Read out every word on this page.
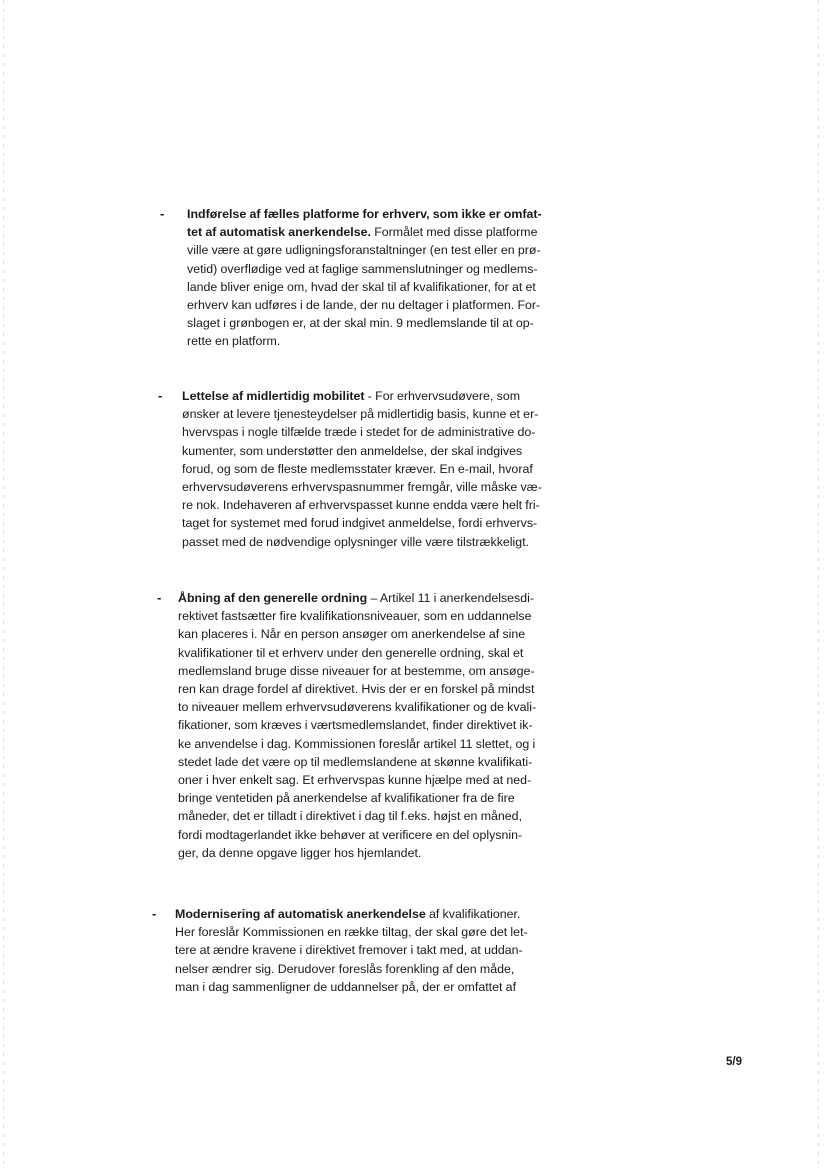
- Indførelse af fælles platforme for erhverv, som ikke er omfat-
tet af automatisk anerkendelse. Formålet med disse platforme
ville være at gøre udligningsforanstaltninger (en test eller en prø-
vetid) overflødige ved at faglige sammenslutninger og medlems-
lande bliver enige om, hvad der skal til af kvalifikationer, for at et
erhverv kan udføres i de lande, der nu deltager i platformen. For-
slaget i grønbogen er, at der skal min. 9 medlemslande til at op-
rette en platform.
- Lettelse af midlertidig mobilitet - For erhvervsudøvere, som
ønsker at levere tjenesteydelser på midlertidig basis, kunne et er-
hvervspas i nogle tilfælde træde i stedet for de administrative do-
kumenter, som understøtter den anmeldelse, der skal indgives
forud, og som de fleste medlemsstater kræver. En e-mail, hvoraf
erhvervsudøverens erhvervspasnummer fremgår, ville måske væ-
re nok. Indehaveren af erhvervspasset kunne endda være helt fri-
taget for systemet med forud indgivet anmeldelse, fordi erhvervs-
passet med de nødvendige oplysninger ville være tilstrækkeligt.
- Åbning af den generelle ordning – Artikel 11 i anerkendelsesdi-
rektivet fastsætter fire kvalifikationsniveauer, som en uddannelse
kan placeres i. Når en person ansøger om anerkendelse af sine
kvalifikationer til et erhverv under den generelle ordning, skal et
medlemsland bruge disse niveauer for at bestemme, om ansøge-
ren kan drage fordel af direktivet. Hvis der er en forskel på mindst
to niveauer mellem erhvervsudøverens kvalifikationer og de kvali-
fikationer, som kræves i værtsmedlemslandet, finder direktivet ik-
ke anvendelse i dag. Kommissionen foreslår artikel 11 slettet, og i
stedet lade det være op til medlemslandene at skønne kvalifikati-
oner i hver enkelt sag. Et erhvervspas kunne hjælpe med at ned-
bringe ventetiden på anerkendelse af kvalifikationer fra de fire
måneder, det er tilladt i direktivet i dag til f.eks. højst en måned,
fordi modtagerlandet ikke behøver at verificere en del oplysnin-
ger, da denne opgave ligger hos hjemlandet.
- Modernisering af automatisk anerkendelse af kvalifikationer.
Her foreslår Kommissionen en række tiltag, der skal gøre det let-
tere at ændre kravene i direktivet fremover i takt med, at uddan-
nelser ændrer sig. Derudover foreslås forenkling af den måde,
man i dag sammenligner de uddannelser på, der er omfattet af
5/9
